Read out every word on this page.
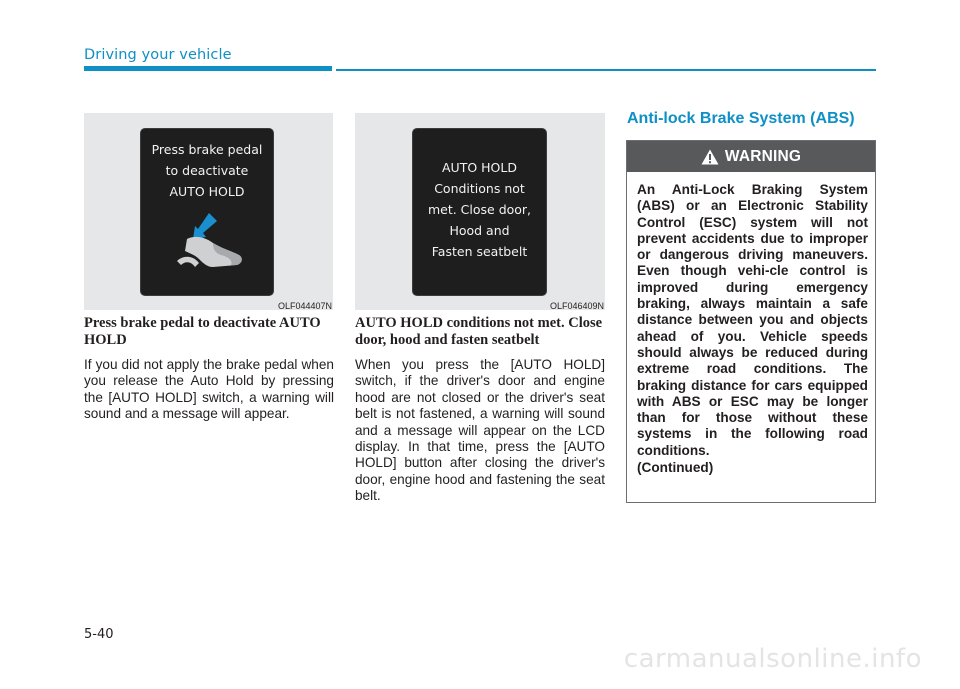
Driving your vehicle
Press brake pedal
to deactivate
AUTO HOLD
OLF044407N
AUTO HOLD
Conditions not
met. Close door,
Hood and
Fasten seatbelt
OLF046409N
Press brake pedal to deactivate AUTO HOLD
If you did not apply the brake pedal when you release the Auto Hold by pressing the [AUTO HOLD] switch, a warning will sound and a message will appear.
AUTO HOLD conditions not met. Close door, hood and fasten seatbelt
When you press the [AUTO HOLD] switch, if the driver's door and engine hood are not closed or the driver's seat belt is not fastened, a warning will sound and a message will appear on the LCD display. In that time, press the [AUTO HOLD] button after closing the driver's door, engine hood and fastening the seat belt.
Anti-lock Brake System (ABS)
WARNING
An Anti-Lock Braking System (ABS) or an Electronic Stability Control (ESC) system will not prevent accidents due to improper or dangerous driving maneuvers. Even though vehi-cle control is improved during emergency braking, always maintain a safe distance between you and objects ahead of you. Vehicle speeds should always be reduced during extreme road conditions. The braking distance for cars equipped with ABS or ESC may be longer than for those without these systems in the following road conditions.
(Continued)
5-40
carmanualsonline.info
